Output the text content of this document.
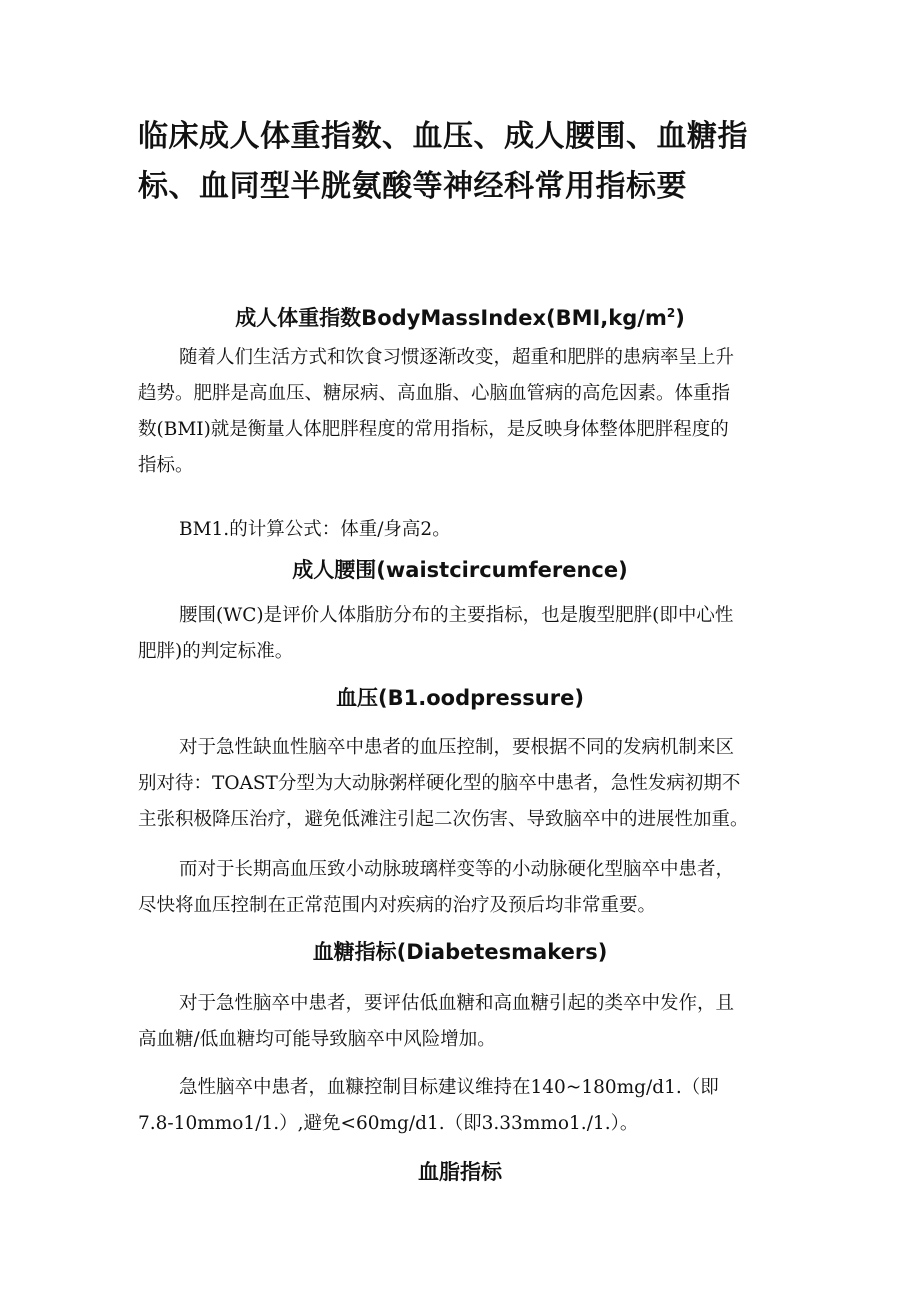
临床成人体重指数、血压、成人腰围、血糖指
标、血同型半胱氨酸等神经科常用指标要
成人体重指数$BodyMassIndex(BMI,kg/m^2)$
随着人们生活方式和饮食习惯逐渐改变，超重和肥胖的患病率呈上升
趋势。肥胖是高血压、糖尿病、高血脂、心脑血管病的高危因素。体重指
数(BMI)就是衡量人体肥胖程度的常用指标，是反映身体整体肥胖程度的
指标。
BM1.的计算公式：体重/身高2。
成人腰围(waistcircumference)
腰围(WC)是评价人体脂肪分布的主要指标，也是腹型肥胖(即中心性
肥胖)的判定标准。
血压(B1.oodpressure)
对于急性缺血性脑卒中患者的血压控制，要根据不同的发病机制来区
别对待：TOAST分型为大动脉粥样硬化型的脑卒中患者，急性发病初期不
主张积极降压治疗，避免低滩注引起二次伤害、导致脑卒中的进展性加重。
而对于长期高血压致小动脉玻璃样变等的小动脉硬化型脑卒中患者，
尽快将血压控制在正常范围内对疾病的治疗及预后均非常重要。
血糖指标(Diabetesmakers)
对于急性脑卒中患者，要评估低血糖和高血糖引起的类卒中发作，且
高血糖/低血糖均可能导致脑卒中风险增加。
急性脑卒中患者，血糠控制目标建议维持在140~180mg/d1.（即
7.8-10mmo1/1.）,避免<60mg/d1.（即3.33mmo1./1.）。
血脂指标
